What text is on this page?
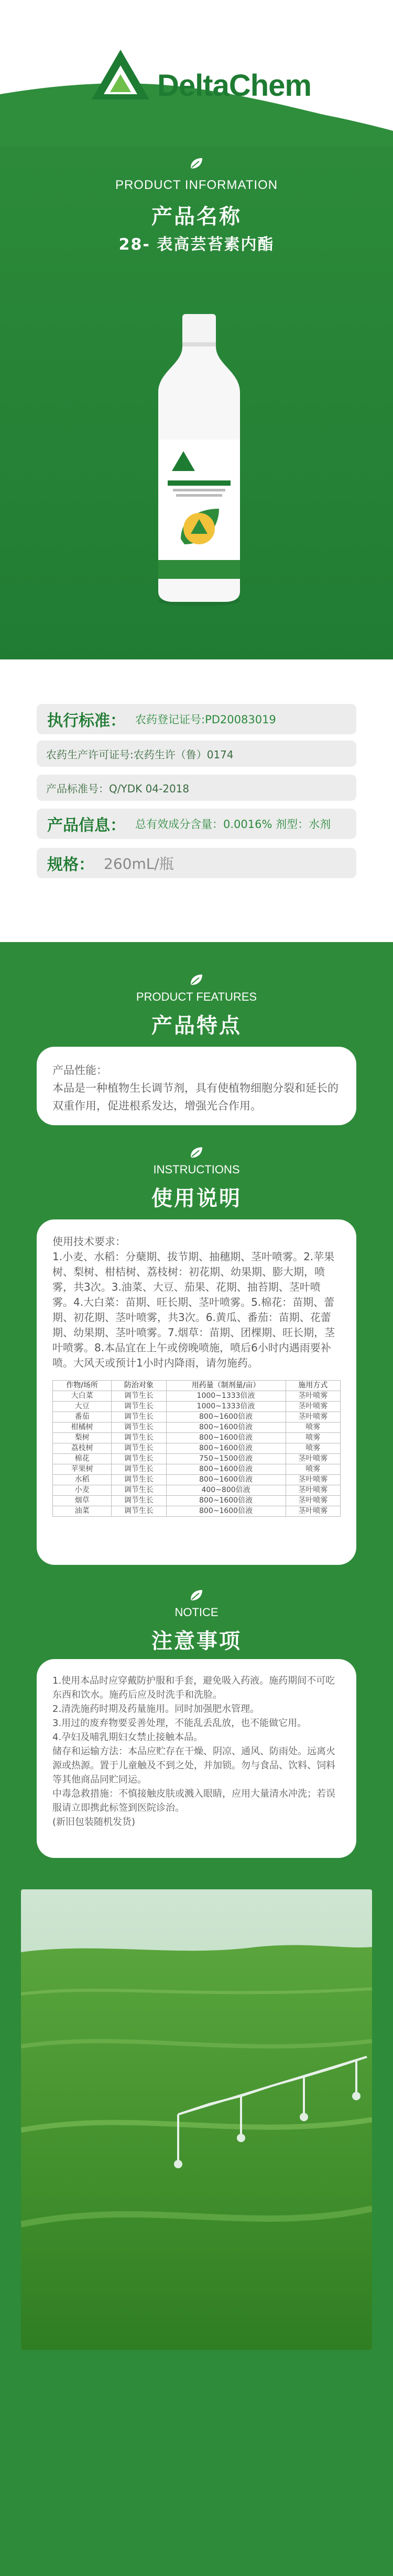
DeltaChem
PRODUCT INFORMATION
产品名称
28- 表高芸苔素内酯
执行标准： 农药登记证号:PD20083019
农药生产许可证号:农药生许（鲁）0174
产品标准号：Q/YDK 04-2018
产品信息： 总有效成分含量：0.0016% 剂型：水剂
规格： 260mL/瓶
PRODUCT FEATURES
产品特点

产品性能：

本品是一种植物生长调节剂，具有使植物细胞分裂和延长的双重作用，促进根系发达，增强光合作用。

INSTRUCTIONS
使用说明

使用技术要求：

1.小麦、水稻：分蘖期、拔节期、抽穗期、茎叶喷雾。2.苹果树、梨树、柑桔树、荔枝树：初花期、幼果期、膨大期，喷雾，共3次。3.油菜、大豆、茄果、花期、抽苔期、茎叶喷雾。4.大白菜：苗期、旺长期、茎叶喷雾。5.棉花：苗期、蕾期、初花期、茎叶喷雾，共3次。6.黄瓜、番茄：苗期、花蕾期、幼果期、茎叶喷雾。7.烟草：苗期、团棵期、旺长期，茎叶喷雾。8.本品宜在上午或傍晚喷施，喷后6小时内遇雨要补喷。大风天或预计1小时内降雨，请勿施药。

作物/场所	防治对象	用药量（制剂量/亩）	施用方式
大白菜	调节生长	1000~1333倍液	茎叶喷雾
大豆	调节生长	1000~1333倍液	茎叶喷雾
番茄	调节生长	800~1600倍液	茎叶喷雾
柑橘树	调节生长	800~1600倍液	喷雾
梨树	调节生长	800~1600倍液	喷雾
荔枝树	调节生长	800~1600倍液	喷雾
棉花	调节生长	750~1500倍液	茎叶喷雾
苹果树	调节生长	800~1600倍液	喷雾
水稻	调节生长	800~1600倍液	茎叶喷雾
小麦	调节生长	400~800倍液	茎叶喷雾
烟草	调节生长	800~1600倍液	茎叶喷雾
油菜	调节生长	800~1600倍液	茎叶喷雾
NOTICE
注意事项

1.使用本品时应穿戴防护服和手套，避免吸入药液。施药期间不可吃东西和饮水。施药后应及时洗手和洗脸。

2.清洗施药时期及药量施用。同时加强肥水管理。

3.用过的废弃物要妥善处理，不能乱丢乱放，也不能做它用。

4.孕妇及哺乳期妇女禁止接触本品。

储存和运输方法：本品应贮存在干燥、阴凉、通风、防雨处。远离火源或热源。置于儿童触及不到之处，并加锁。勿与食品、饮料、饲料等其他商品同贮同运。

中毒急救措施：不慎接触皮肤或溅入眼睛，应用大量清水冲洗；若误服请立即携此标签到医院诊治。

(新旧包装随机发货)
